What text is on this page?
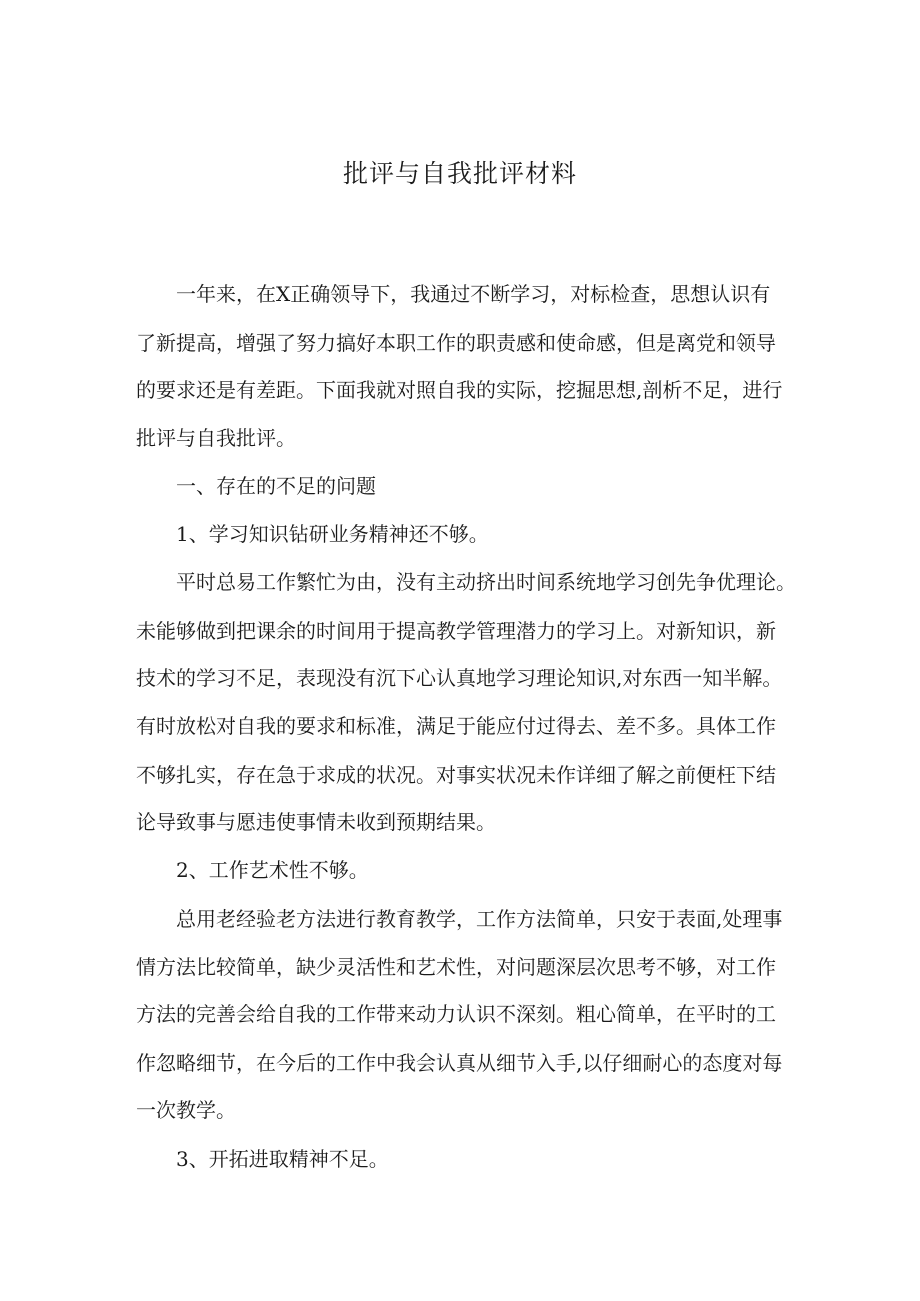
批评与自我批评材料

一年来，在X正确领导下，我通过不断学习，对标检查，思想认识有

了新提高，增强了努力搞好本职工作的职责感和使命感，但是离党和领导

的要求还是有差距。下面我就对照自我的实际，挖掘思想,剖析不足，进行

批评与自我批评。

一、存在的不足的问题

1、学习知识钻研业务精神还不够。

平时总易工作繁忙为由，没有主动挤出时间系统地学习创先争优理论。

未能够做到把课余的时间用于提高教学管理潜力的学习上。对新知识，新

技术的学习不足，表现没有沉下心认真地学习理论知识,对东西一知半解。

有时放松对自我的要求和标准，满足于能应付过得去、差不多。具体工作

不够扎实，存在急于求成的状况。对事实状况未作详细了解之前便枉下结

论导致事与愿违使事情未收到预期结果。

2、工作艺术性不够。

总用老经验老方法进行教育教学，工作方法简单，只安于表面,处理事

情方法比较简单，缺少灵活性和艺术性，对问题深层次思考不够，对工作

方法的完善会给自我的工作带来动力认识不深刻。粗心简单，在平时的工

作忽略细节，在今后的工作中我会认真从细节入手,以仔细耐心的态度对每

一次教学。

3、开拓进取精神不足。
